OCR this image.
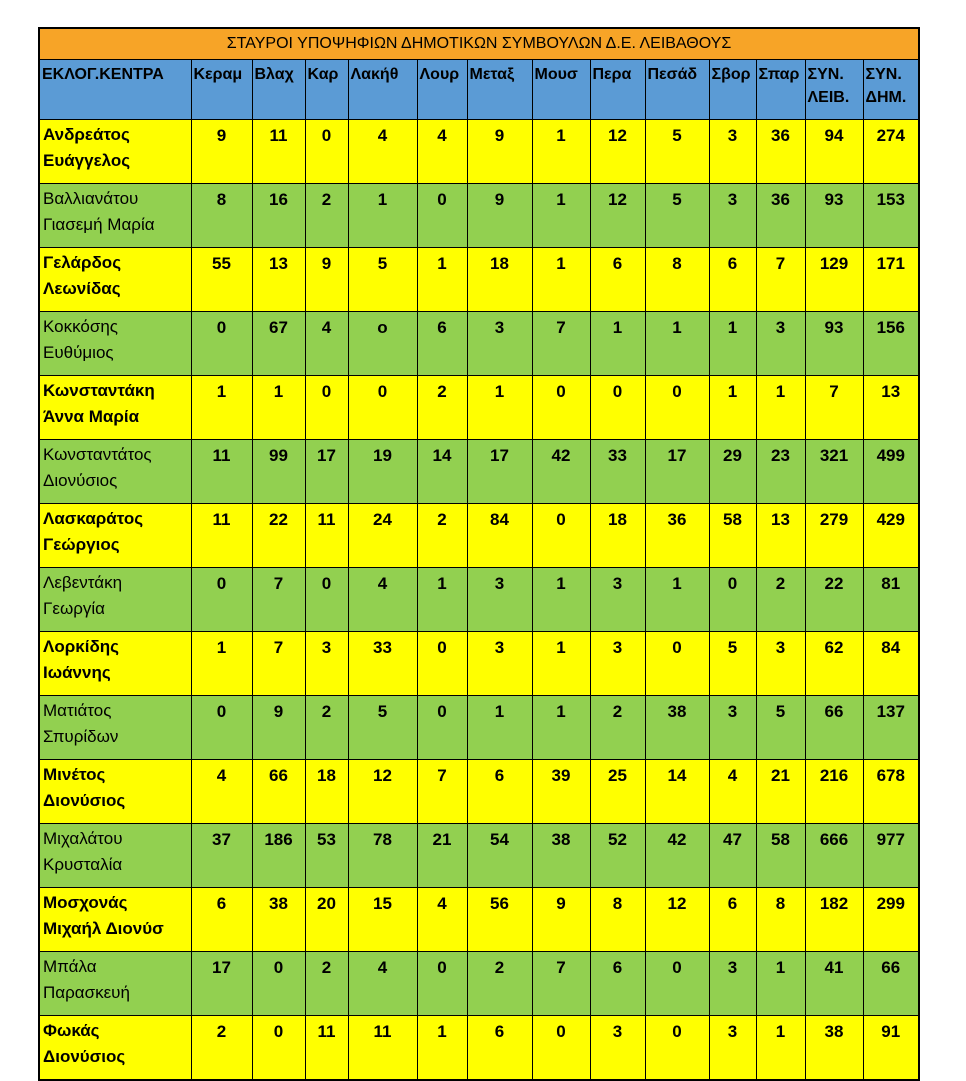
ΣΤΑΥΡΟΙ ΥΠΟΨΗΦΙΩΝ ΔΗΜΟΤΙΚΩΝ ΣΥΜΒΟΥΛΩΝ Δ.Ε. ΛΕΙΒΑΘΟΥΣ													
ΕΚΛΟΓ.ΚΕΝΤΡΑ	Κεραμ	Βλαχ	Καρ	Λακήθ	Λουρ	Μεταξ	Μουσ	Περα	Πεσάδ	Σβορ	Σπαρ	ΣΥΝ. ΛΕΙΒ.	ΣΥΝ. ΔΗΜ.

Ανδρεάτος
Ευάγγελος	9	11	0	4	4	9	1	12	5	3	36	94	274

Βαλλιανάτου
Γιασεμή Μαρία	8	16	2	1	0	9	1	12	5	3	36	93	153

Γελάρδος
Λεωνίδας	55	13	9	5	1	18	1	6	8	6	7	129	171

Κοκκόσης
Ευθύμιος	0	67	4	ο	6	3	7	1	1	1	3	93	156

Κωνσταντάκη
Άννα Μαρία	1	1	0	0	2	1	0	0	0	1	1	7	13

Κωνσταντάτος
Διονύσιος	11	99	17	19	14	17	42	33	17	29	23	321	499

Λασκαράτος
Γεώργιος	11	22	11	24	2	84	0	18	36	58	13	279	429

Λεβεντάκη
Γεωργία	0	7	0	4	1	3	1	3	1	0	2	22	81

Λορκίδης
Ιωάννης	1	7	3	33	0	3	1	3	0	5	3	62	84

Ματιάτος
Σπυρίδων	0	9	2	5	0	1	1	2	38	3	5	66	137

Μινέτος
Διονύσιος	4	66	18	12	7	6	39	25	14	4	21	216	678

Μιχαλάτου
Κρυσταλία	37	186	53	78	21	54	38	52	42	47	58	666	977

Μοσχονάς
Μιχαήλ Διονύσ	6	38	20	15	4	56	9	8	12	6	8	182	299

Μπάλα
Παρασκευή	17	0	2	4	0	2	7	6	0	3	1	41	66

Φωκάς
Διονύσιος	2	0	11	11	1	6	0	3	0	3	1	38	91
